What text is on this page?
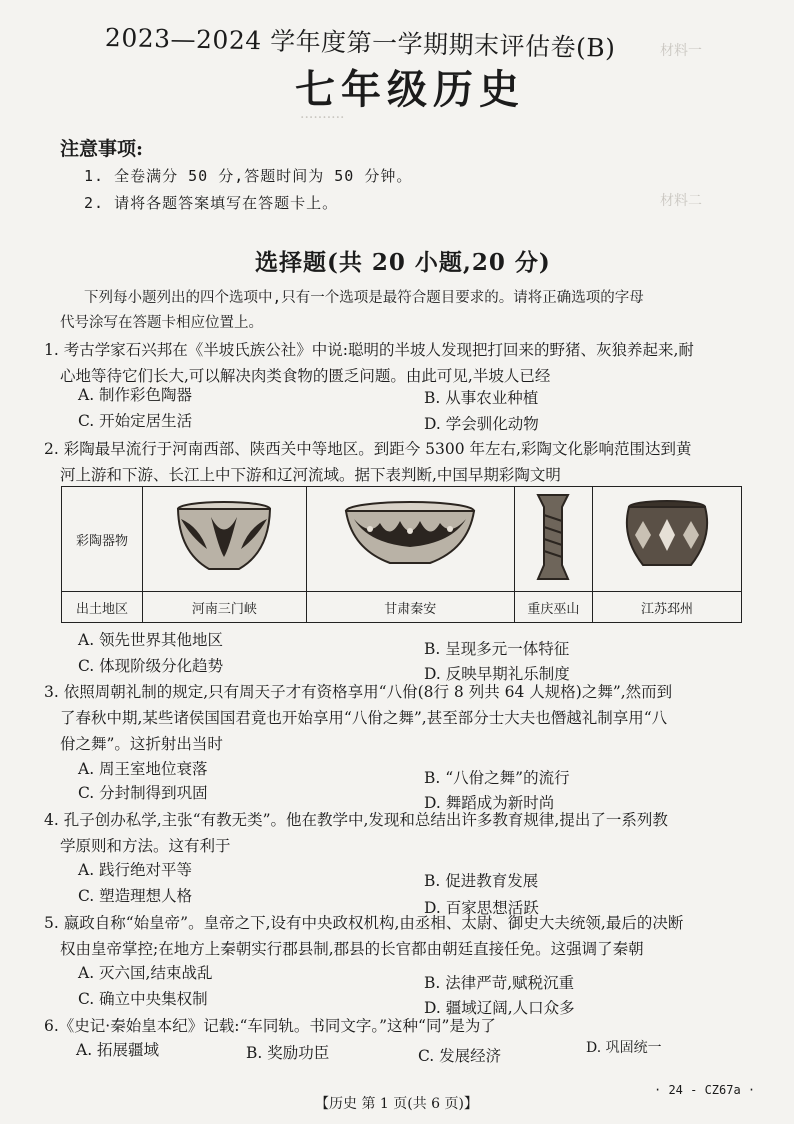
材料一
材料二
··········
2023—2024 学年度第一学期期末评估卷(B)
七年级历史
注意事项:
1. 全卷满分 50 分,答题时间为 50 分钟。
2. 请将各题答案填写在答题卡上。
选择题(共 20 小题,20 分)
下列每小题列出的四个选项中,只有一个选项是最符合题目要求的。请将正确选项的字母
代号涂写在答题卡相应位置上。
1. 考古学家石兴邦在《半坡氏族公社》中说:聪明的半坡人发现把打回来的野猪、灰狼养起来,耐
心地等待它们长大,可以解决肉类食物的匮乏问题。由此可见,半坡人已经
A. 制作彩色陶器	B. 从事农业种植
C. 开始定居生活	D. 学会驯化动物
2. 彩陶最早流行于河南西部、陕西关中等地区。到距今 5300 年左右,彩陶文化影响范围达到黄
河上游和下游、长江上中下游和辽河流域。据下表判断,中国早期彩陶文明
彩陶器物				
出土地区	河南三门峡	甘肃秦安	重庆巫山	江苏邳州
A. 领先世界其他地区	B. 呈现多元一体特征
C. 体现阶级分化趋势	D. 反映早期礼乐制度
3. 依照周朝礼制的规定,只有周天子才有资格享用“八佾(8行 8 列共 64 人规格)之舞”,然而到
了春秋中期,某些诸侯国国君竟也开始享用“八佾之舞”,甚至部分士大夫也僭越礼制享用“八
佾之舞”。这折射出当时
A. 周王室地位衰落	B. “八佾之舞”的流行
C. 分封制得到巩固
D. 舞蹈成为新时尚
4. 孔子创办私学,主张“有教无类”。他在教学中,发现和总结出许多教育规律,提出了一系列教
学原则和方法。这有利于
A. 践行绝对平等
B. 促进教育发展
C. 塑造理想人格
D. 百家思想活跃
5. 嬴政自称“始皇帝”。皇帝之下,设有中央政权机构,由丞相、太尉、御史大夫统领,最后的决断
权由皇帝掌控;在地方上秦朝实行郡县制,郡县的长官都由朝廷直接任免。这强调了秦朝
A. 灭六国,结束战乱
B. 法律严苛,赋税沉重
C. 确立中央集权制	D. 疆域辽阔,人口众多
6.《史记·秦始皇本纪》记载:“车同轨。书同文字。”这种“同”是为了
A. 拓展疆域	B. 奖励功臣	C. 发展经济	D. 巩固统一
【历史 第 1 页(共 6 页)】
· 24 - CZ67a ·
